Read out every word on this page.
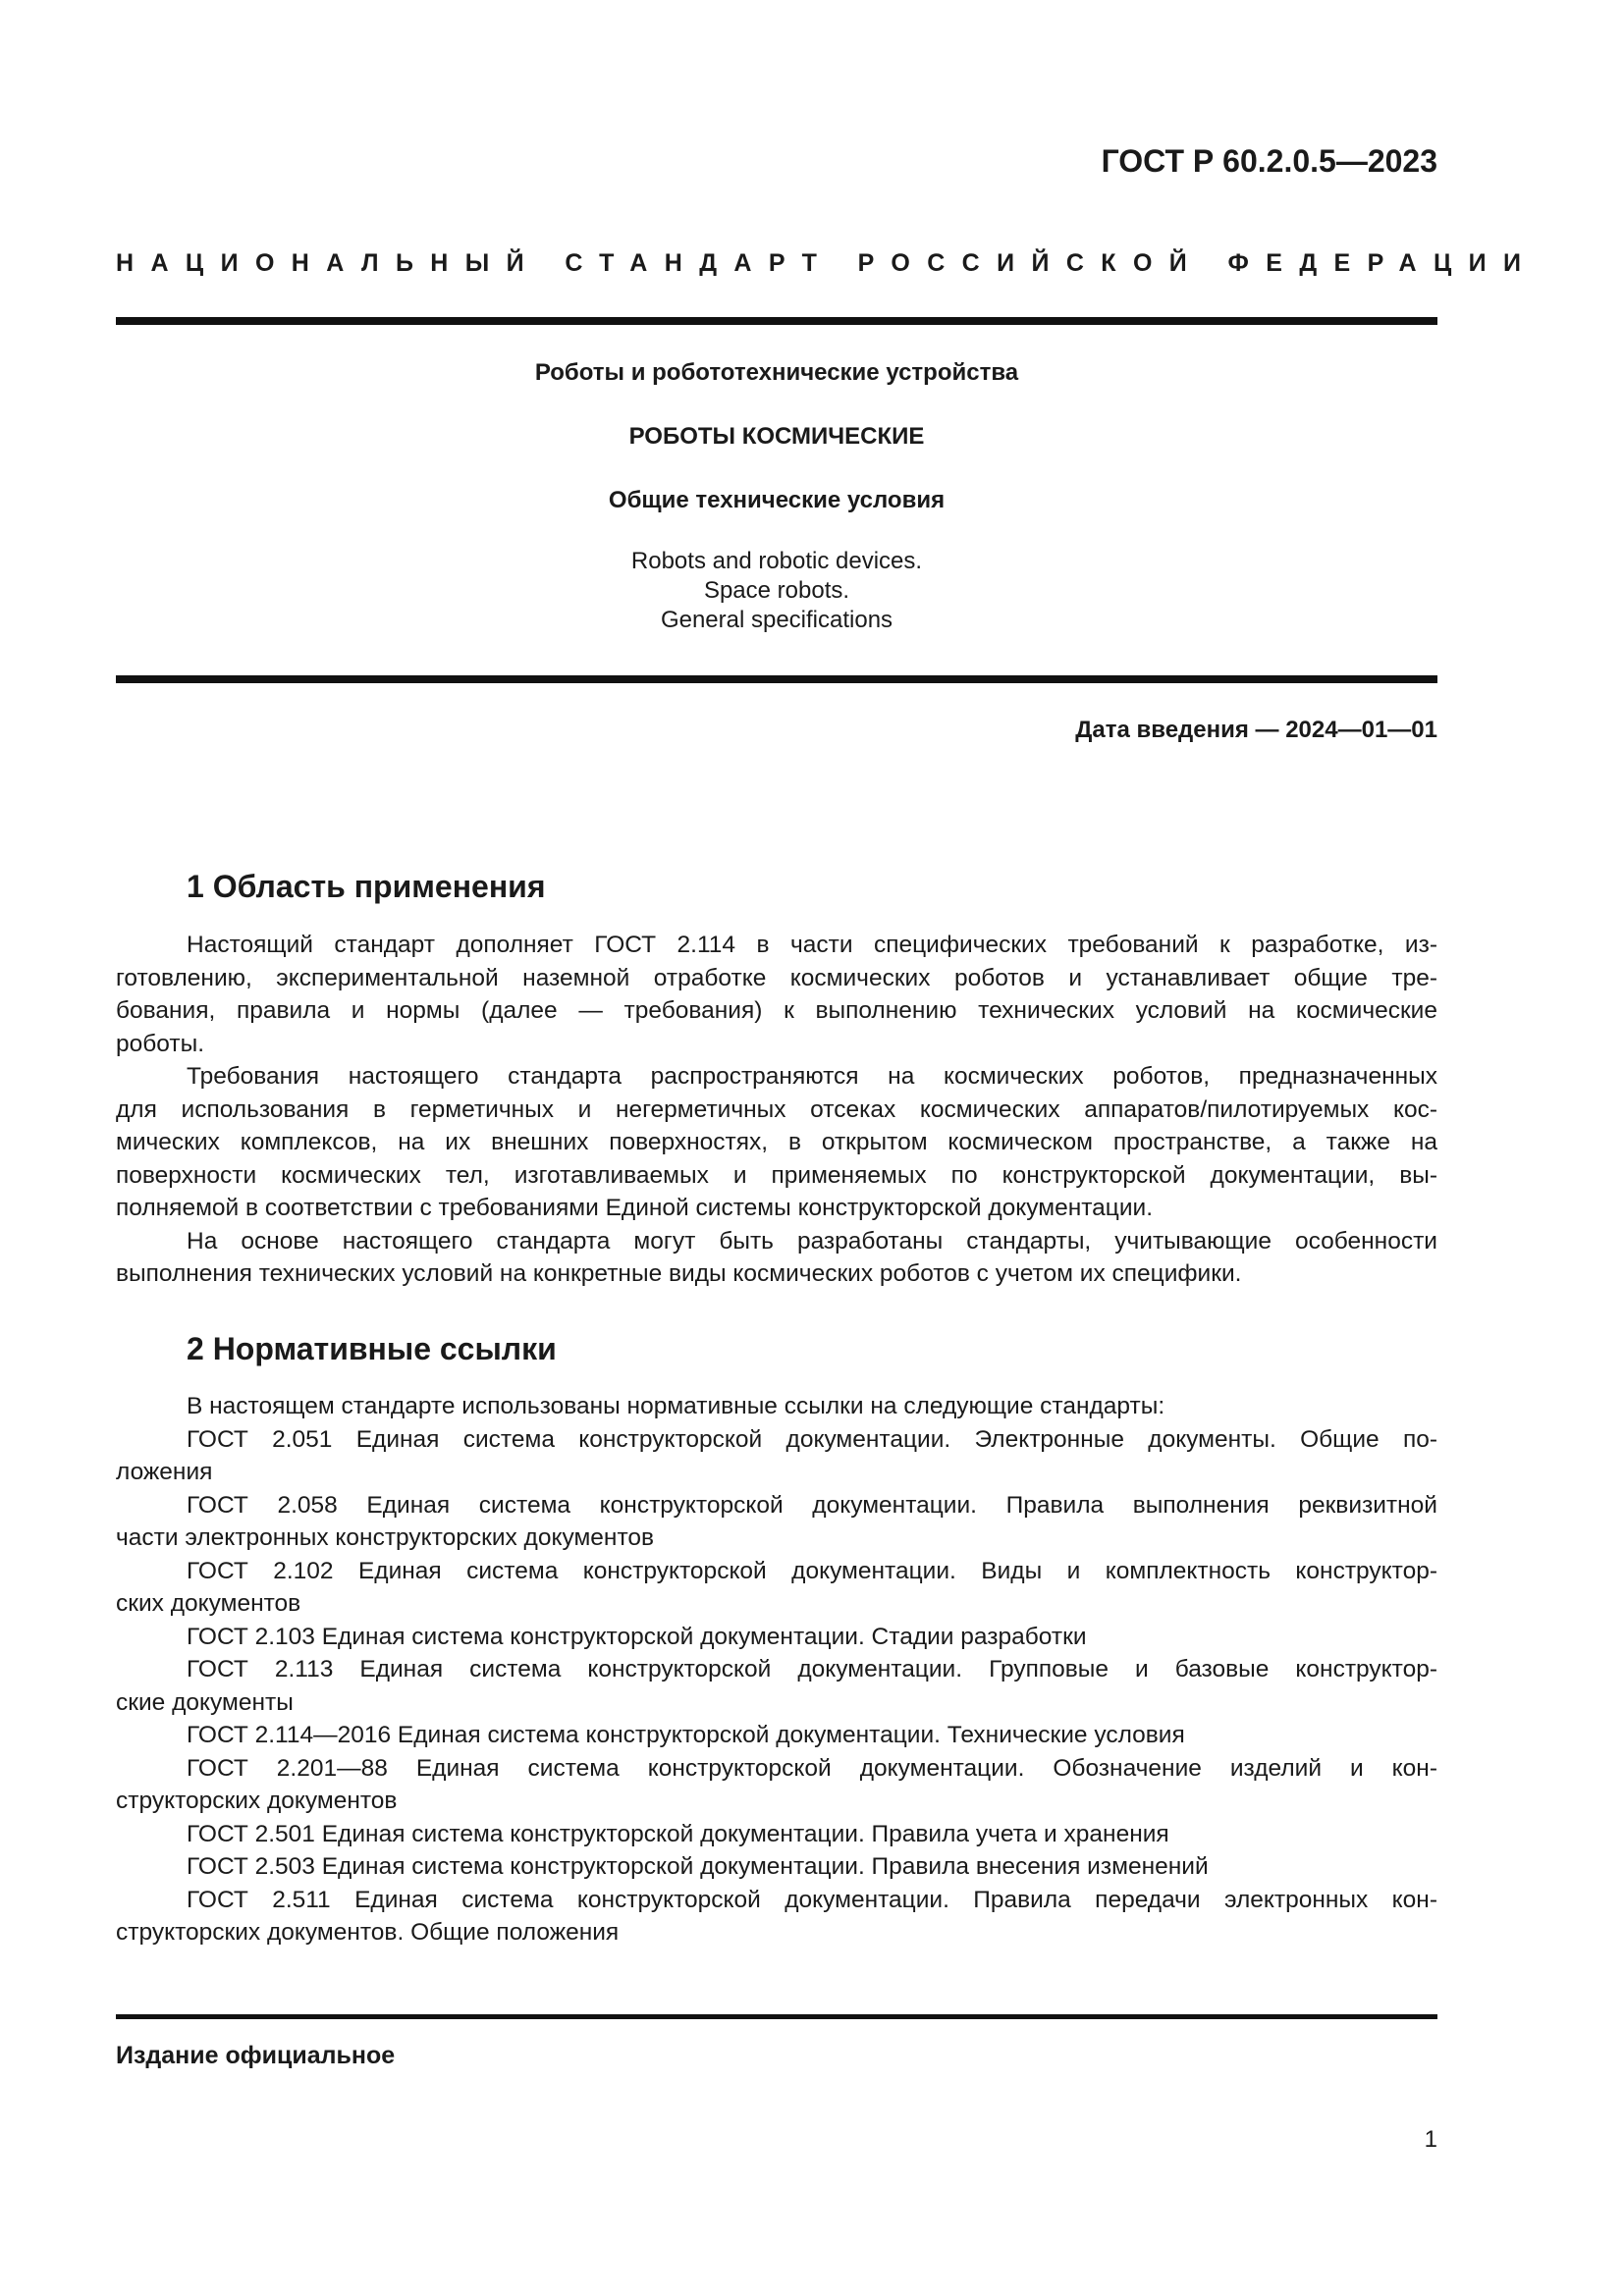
ГОСТ Р 60.2.0.5—2023
НАЦИОНАЛЬНЫЙ СТАНДАРТ РОССИЙСКОЙ ФЕДЕРАЦИИ
Роботы и робототехнические устройства
РОБОТЫ КОСМИЧЕСКИЕ
Общие технические условия
Robots and robotic devices.
Space robots.
General specifications
Дата введения — 2024—01—01
1 Область применения
Настоящий стандарт дополняет ГОСТ 2.114 в части специфических требований к разработке, из-
готовлению, экспериментальной наземной отработке космических роботов и устанавливает общие тре-
бования, правила и нормы (далее — требования) к выполнению технических условий на космические
роботы.
Требования настоящего стандарта распространяются на космических роботов, предназначенных
для использования в герметичных и негерметичных отсеках космических аппаратов/пилотируемых кос-
мических комплексов, на их внешних поверхностях, в открытом космическом пространстве, а также на
поверхности космических тел, изготавливаемых и применяемых по конструкторской документации, вы-
полняемой в соответствии с требованиями Единой системы конструкторской документации.
На основе настоящего стандарта могут быть разработаны стандарты, учитывающие особенности
выполнения технических условий на конкретные виды космических роботов с учетом их специфики.
2 Нормативные ссылки
В настоящем стандарте использованы нормативные ссылки на следующие стандарты:
ГОСТ 2.051 Единая система конструкторской документации. Электронные документы. Общие по-
ложения
ГОСТ 2.058 Единая система конструкторской документации. Правила выполнения реквизитной
части электронных конструкторских документов
ГОСТ 2.102 Единая система конструкторской документации. Виды и комплектность конструктор-
ских документов
ГОСТ 2.103 Единая система конструкторской документации. Стадии разработки
ГОСТ 2.113 Единая система конструкторской документации. Групповые и базовые конструктор-
ские документы
ГОСТ 2.114—2016 Единая система конструкторской документации. Технические условия
ГОСТ 2.201—88 Единая система конструкторской документации. Обозначение изделий и кон-
структорских документов
ГОСТ 2.501 Единая система конструкторской документации. Правила учета и хранения
ГОСТ 2.503 Единая система конструкторской документации. Правила внесения изменений
ГОСТ 2.511 Единая система конструкторской документации. Правила передачи электронных кон-
структорских документов. Общие положения
Издание официальное
1
